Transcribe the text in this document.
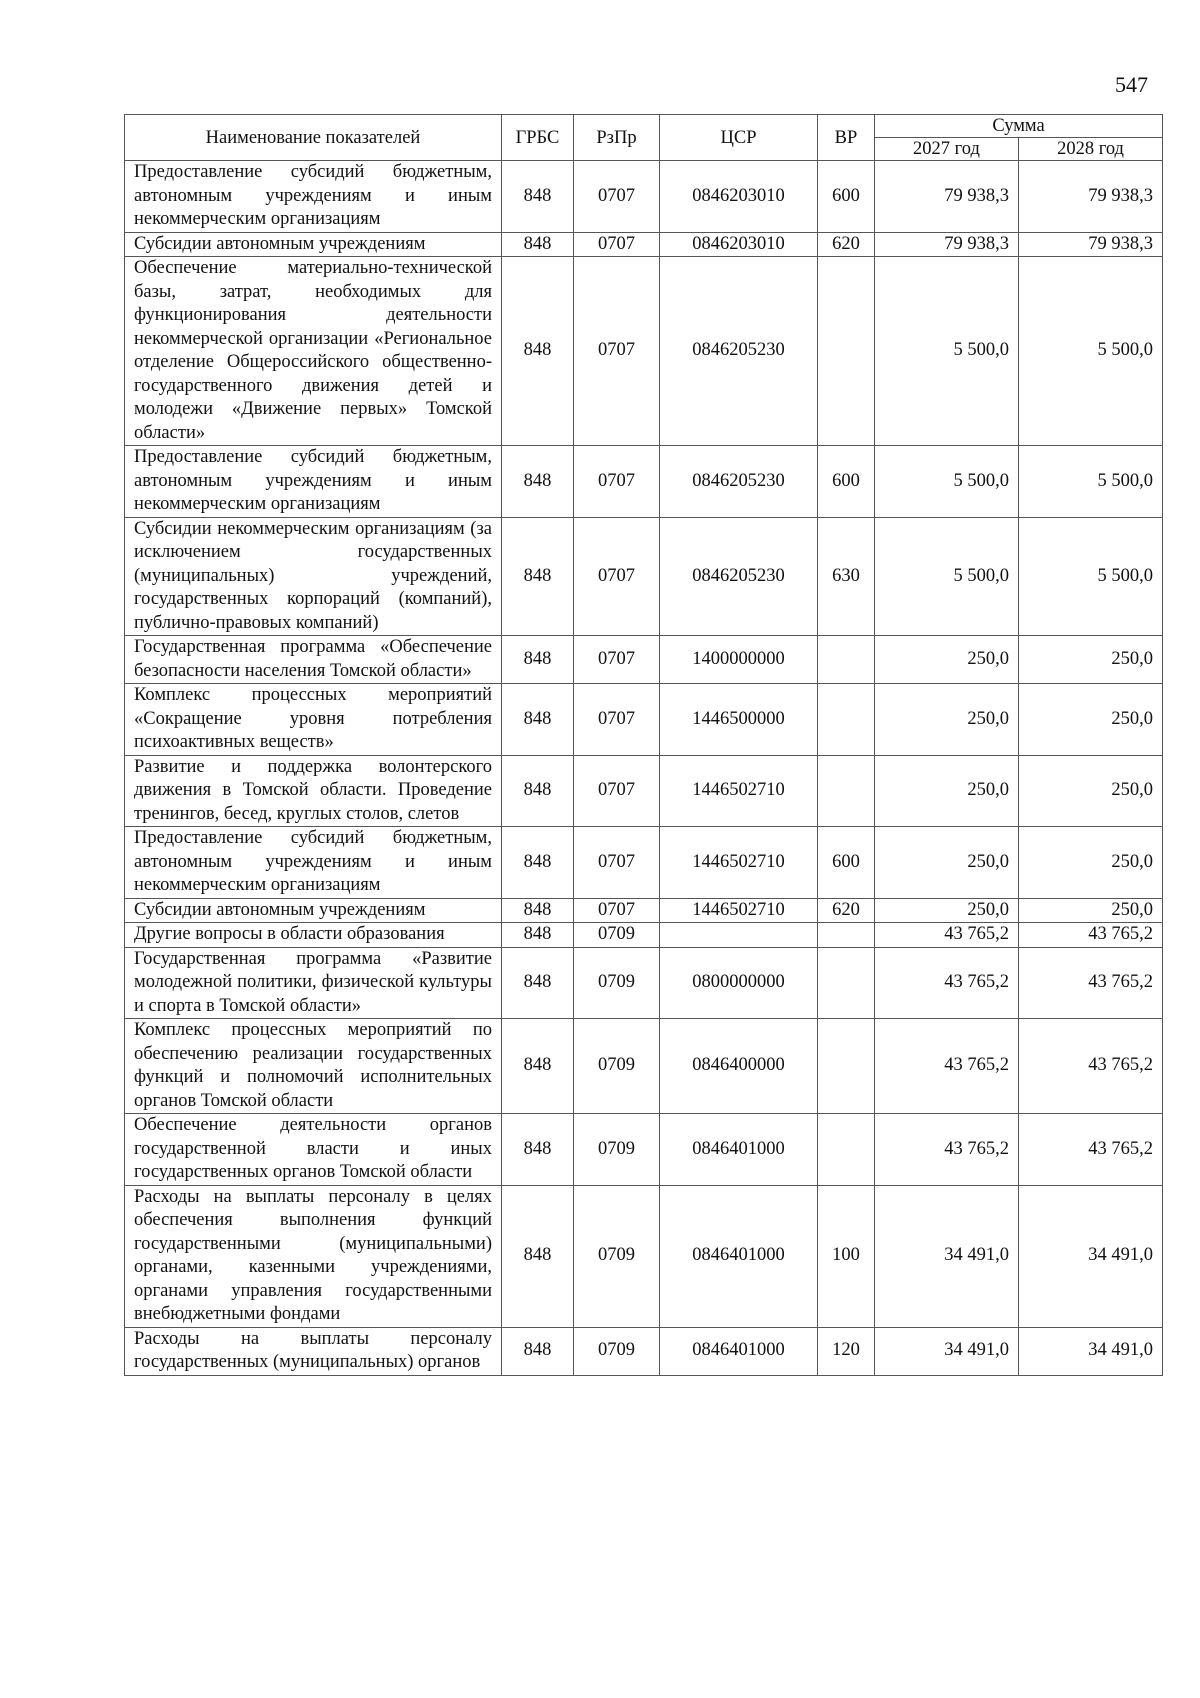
547
Наименование показателей	ГРБС	РзПр	ЦСР	ВР	Сумма	
					2027 год	2028 год
Предоставление субсидий бюджетным, автономным учреждениям и иным некоммерческим организациям	848	0707	0846203010	600	79 938,3	79 938,3
Субсидии автономным учреждениям	848	0707	0846203010	620	79 938,3	79 938,3
Обеспечение материально-технической базы, затрат, необходимых для функционирования деятельности некоммерческой организации «Региональное отделение Общероссийского общественно-государственного движения детей и молодежи «Движение первых» Томской области»	848	0707	0846205230		5 500,0	5 500,0
Предоставление субсидий бюджетным, автономным учреждениям и иным некоммерческим организациям	848	0707	0846205230	600	5 500,0	5 500,0
Субсидии некоммерческим организациям (за исключением государственных (муниципальных) учреждений, государственных корпораций (компаний), публично-правовых компаний)	848	0707	0846205230	630	5 500,0	5 500,0
Государственная программа «Обеспечение безопасности населения Томской области»	848	0707	1400000000		250,0	250,0
Комплекс процессных мероприятий «Сокращение уровня потребления психоактивных веществ»	848	0707	1446500000		250,0	250,0
Развитие и поддержка волонтерского движения в Томской области. Проведение тренингов, бесед, круглых столов, слетов	848	0707	1446502710		250,0	250,0
Предоставление субсидий бюджетным, автономным учреждениям и иным некоммерческим организациям	848	0707	1446502710	600	250,0	250,0
Субсидии автономным учреждениям	848	0707	1446502710	620	250,0	250,0
Другие вопросы в области образования	848	0709			43 765,2	43 765,2
Государственная программа «Развитие молодежной политики, физической культуры и спорта в Томской области»	848	0709	0800000000		43 765,2	43 765,2
Комплекс процессных мероприятий по обеспечению реализации государственных функций и полномочий исполнительных органов Томской области	848	0709	0846400000		43 765,2	43 765,2
Обеспечение деятельности органов государственной власти и иных государственных органов Томской области	848	0709	0846401000		43 765,2	43 765,2
Расходы на выплаты персоналу в целях обеспечения выполнения функций государственными (муниципальными) органами, казенными учреждениями, органами управления государственными внебюджетными фондами	848	0709	0846401000	100	34 491,0	34 491,0
Расходы на выплаты персоналу государственных (муниципальных) органов	848	0709	0846401000	120	34 491,0	34 491,0
